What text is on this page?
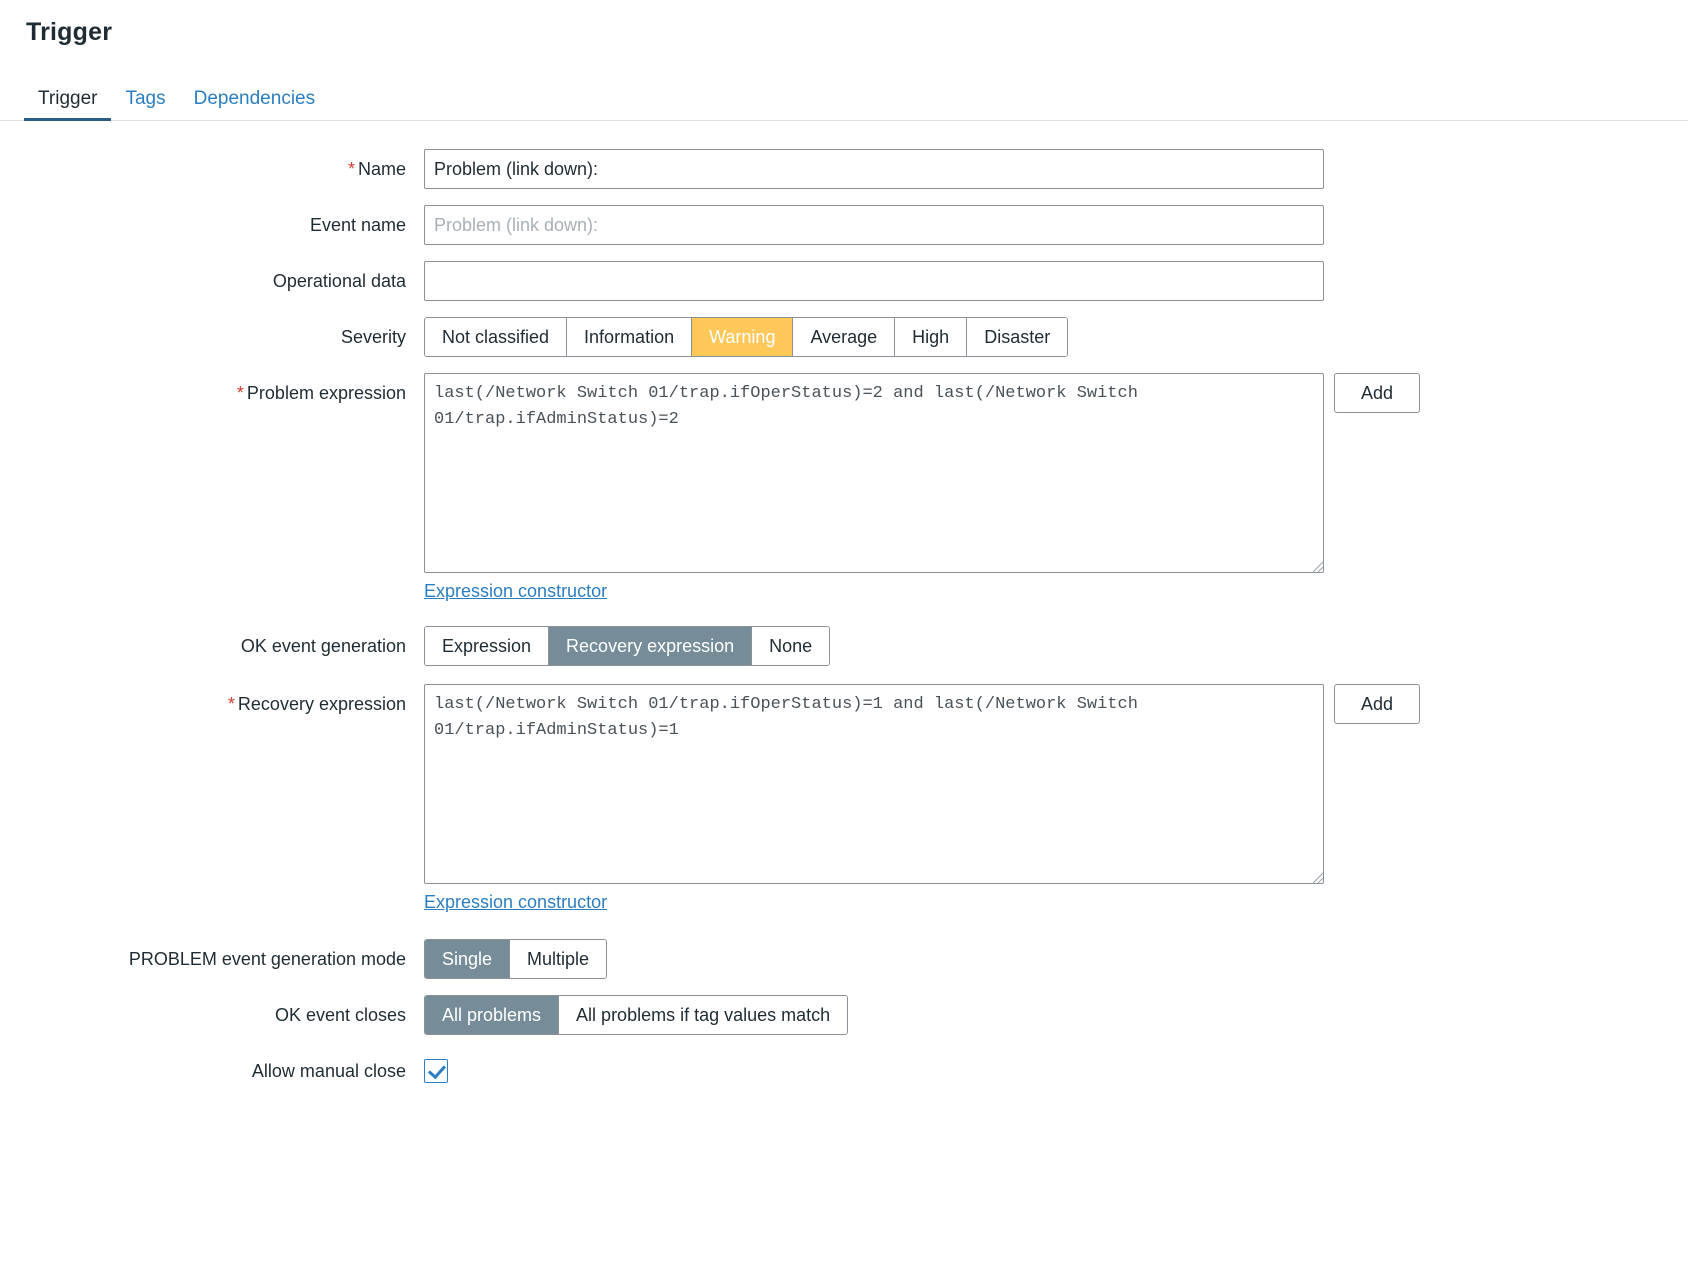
Trigger
Trigger	Tags	Dependencies
* Name
Problem (link down):
Event name
Problem (link down):
Operational data
Severity	Not classified	Information	Warning	Average	High	Disaster
* Problem expression
last(/Network Switch 01/trap.ifOperStatus)=2 and last(/Network Switch 01/trap.ifAdminStatus)=2	Add
Expression constructor
OK event generation	Expression	Recovery expression	None
* Recovery expression
last(/Network Switch 01/trap.ifOperStatus)=1 and last(/Network Switch 01/trap.ifAdminStatus)=1	Add
Expression constructor
PROBLEM event generation mode	Single	Multiple
OK event closes	All problems	All problems if tag values match
Allow manual close
